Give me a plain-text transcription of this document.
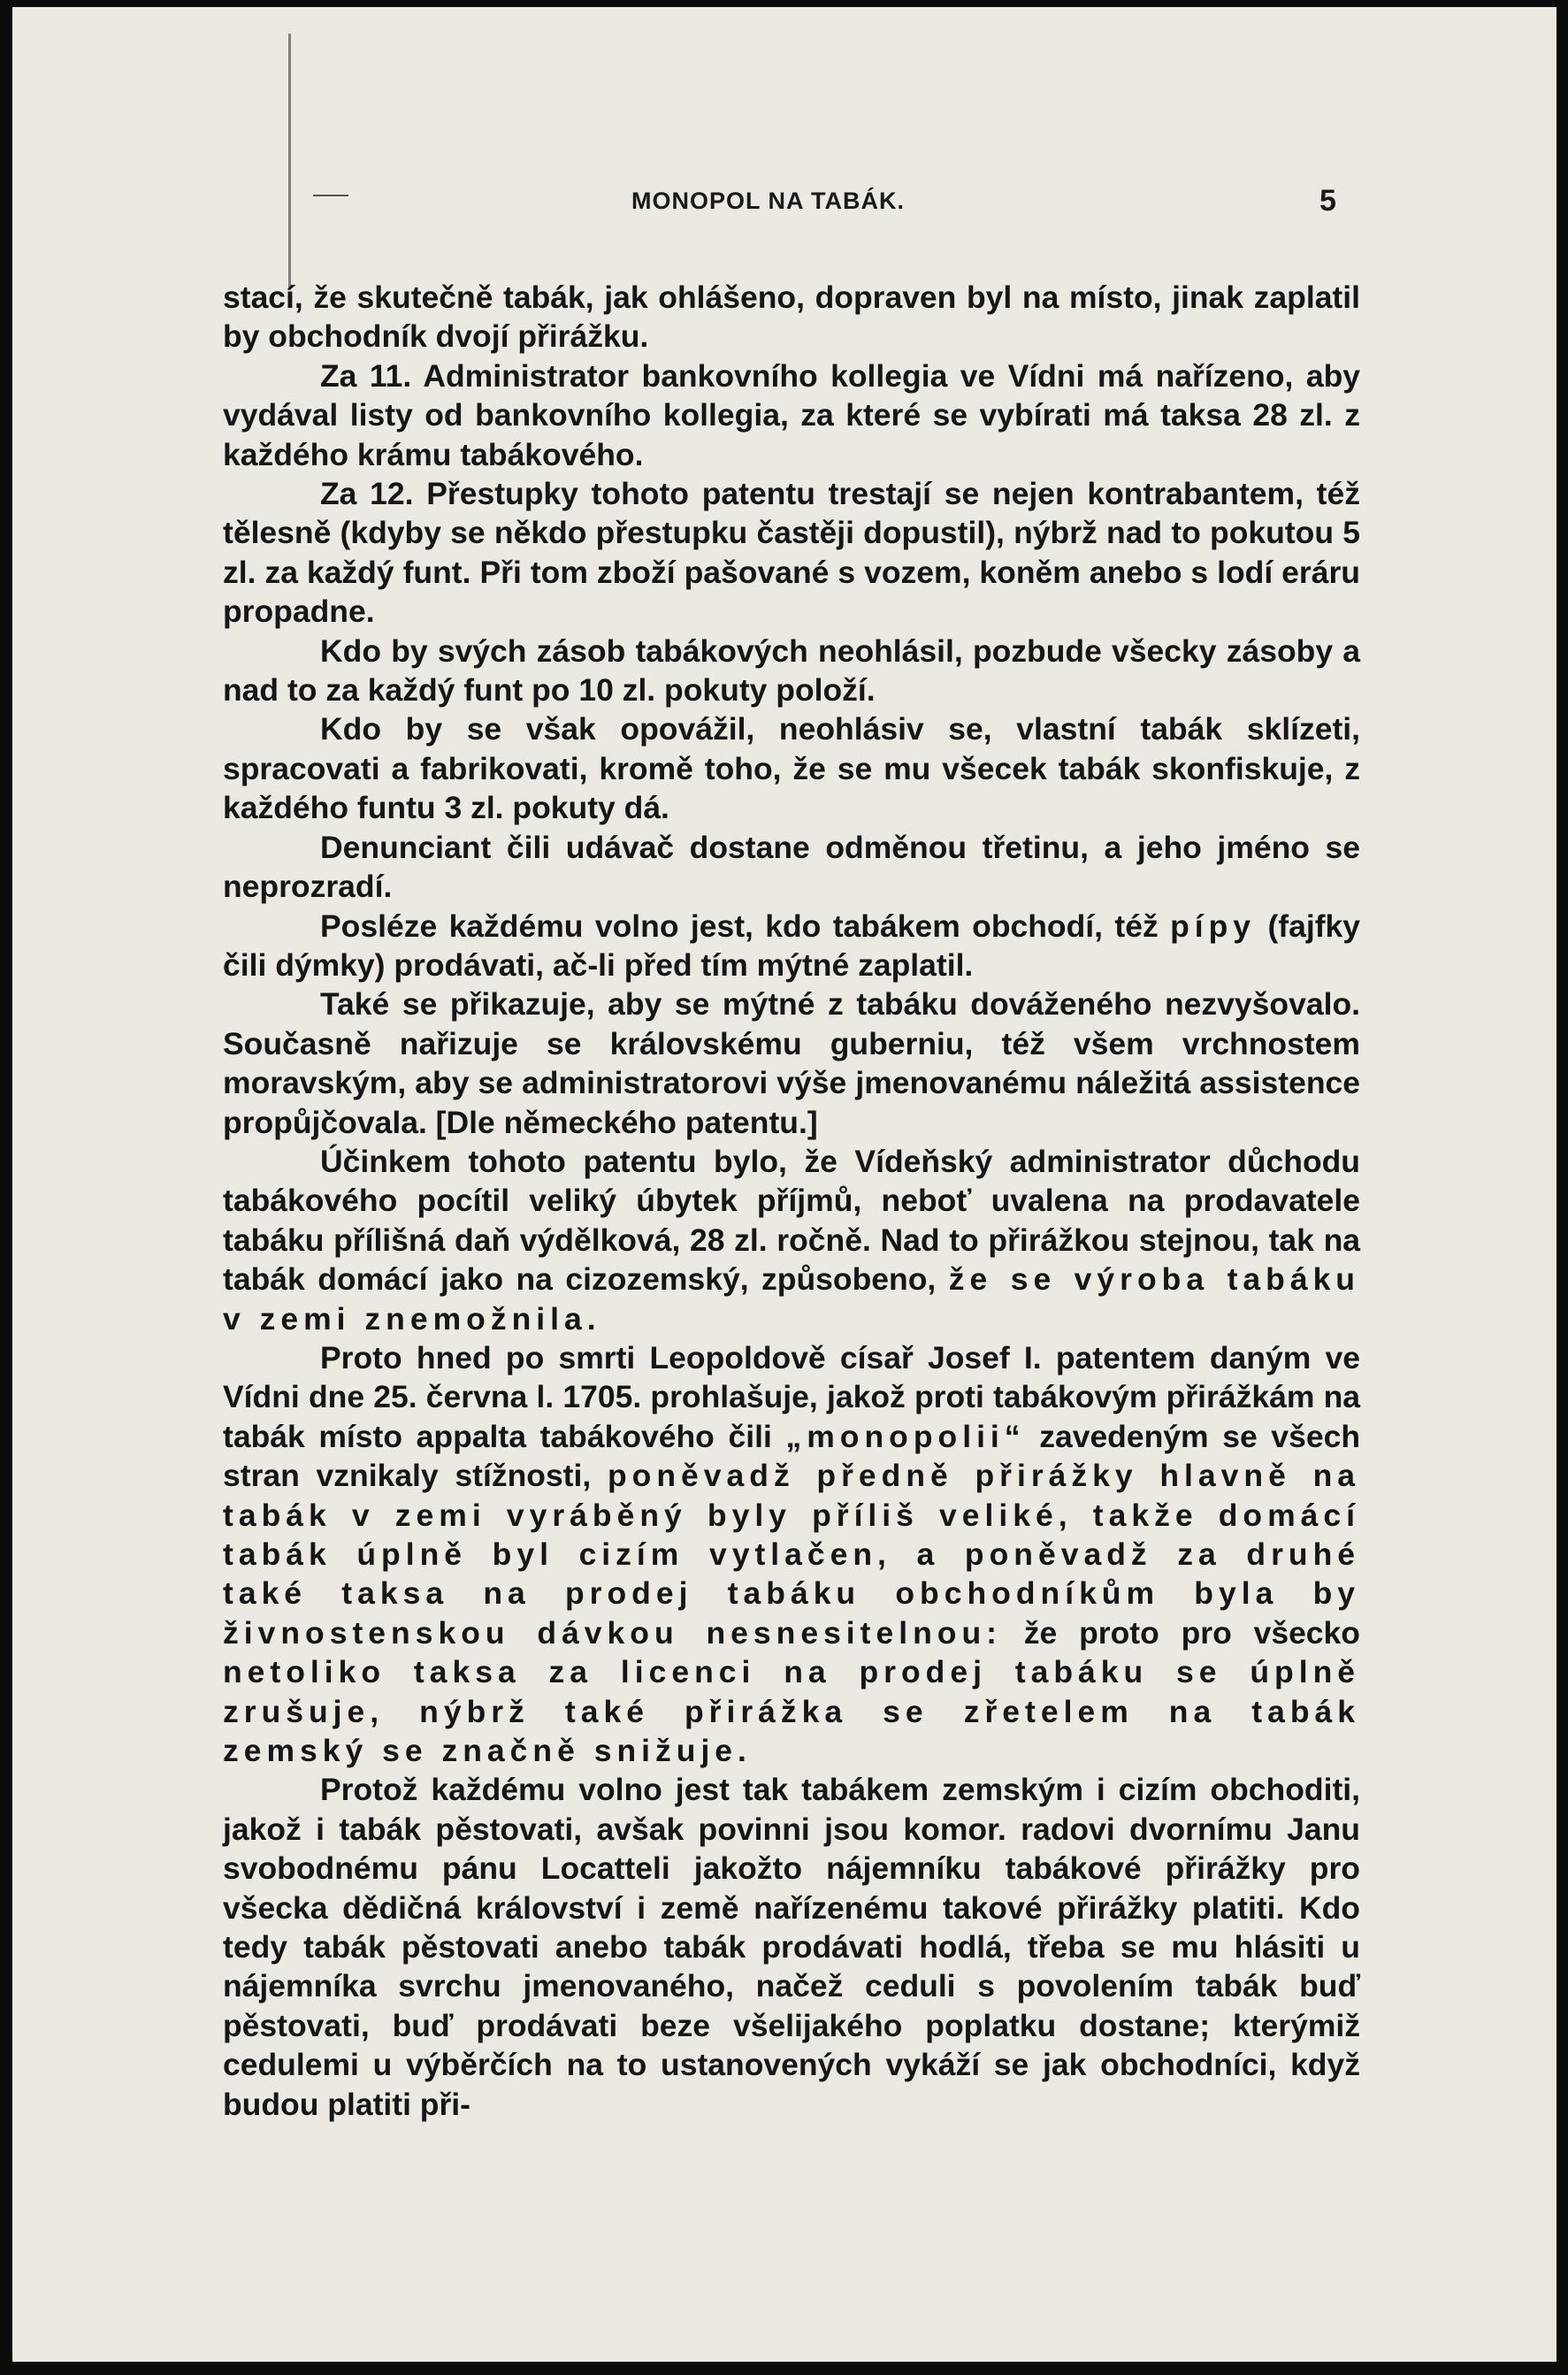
MONOPOL NA TABÁK.	5

stací, že skutečně tabák, jak ohlášeno, dopraven byl na místo, jinak zaplatil by obchodník dvojí přirážku.

Za 11. Administrator bankovního kollegia ve Vídni má nařízeno, aby vydával listy od bankovního kollegia, za které se vybírati má taksa 28 zl. z každého krámu tabákového.

Za 12. Přestupky tohoto patentu trestají se nejen kontrabantem, též tělesně (kdyby se někdo přestupku častěji dopustil), nýbrž nad to pokutou 5 zl. za každý funt. Při tom zboží pašované s vozem, koněm anebo s lodí eráru propadne.

Kdo by svých zásob tabákových neohlásil, pozbude všecky zásoby a nad to za každý funt po 10 zl. pokuty položí.

Kdo by se však opovážil, neohlásiv se, vlastní tabák sklízeti, spracovati a fabrikovati, kromě toho, že se mu všecek tabák skonfiskuje, z každého funtu 3 zl. pokuty dá.

Denunciant čili udávač dostane odměnou třetinu, a jeho jméno se neprozradí.

Posléze každému volno jest, kdo tabákem obchodí, též pípy (fajfky čili dýmky) prodávati, ač-li před tím mýtné zaplatil.

Také se přikazuje, aby se mýtné z tabáku dováženého nezvyšovalo. Současně nařizuje se královskému guberniu, též všem vrchnostem moravským, aby se administratorovi výše jmenovanému náležitá assistence propůjčovala. [Dle německého patentu.]

Účinkem tohoto patentu bylo, že Vídeňský administrator důchodu tabákového pocítil veliký úbytek příjmů, neboť uvalena na prodavatele tabáku přílišná daň výdělková, 28 zl. ročně. Nad to přirážkou stejnou, tak na tabák domácí jako na cizozemský, způsobeno, že se výroba tabáku v zemi znemožnila.

Proto hned po smrti Leopoldově císař Josef I. patentem daným ve Vídni dne 25. června l. 1705. prohlašuje, jakož proti tabákovým přirážkám na tabák místo appalta tabákového čili „monopolii“ zavedeným se všech stran vznikaly stížnosti, poněvadž předně přirážky hlavně na tabák v zemi vyráběný byly příliš veliké, takže domácí tabák úplně byl cizím vytlačen, a poněvadž za druhé také taksa na prodej tabáku obchodníkům byla by živnostenskou dávkou nesnesitelnou: že proto pro všecko netoliko taksa za licenci na prodej tabáku se úplně zrušuje, nýbrž také přirážka se zřetelem na tabák zemský se značně snižuje.

Protož každému volno jest tak tabákem zemským i cizím obchoditi, jakož i tabák pěstovati, avšak povinni jsou komor. radovi dvornímu Janu svobodnému pánu Locatteli jakožto nájemníku tabákové přirážky pro všecka dědičná království i země nařízenému takové přirážky platiti. Kdo tedy tabák pěstovati anebo tabák prodávati hodlá, třeba se mu hlásiti u nájemníka svrchu jmenovaného, načež ceduli s povolením tabák buď pěstovati, buď prodávati beze všelijakého poplatku dostane; kterýmiž cedulemi u výběrčích na to ustanovených vykáží se jak obchodníci, když budou platiti při-
